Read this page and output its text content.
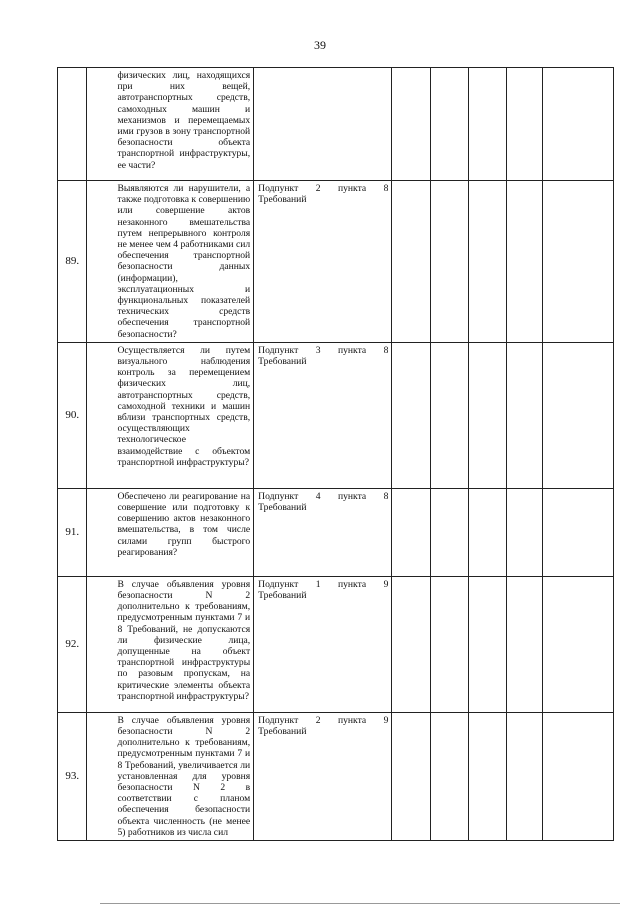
39

	физических лиц, находящихся при них вещей, автотранспортных средств, самоходных машин и механизмов и перемещаемых ими грузов в зону транспортной безопасности объекта транспортной инфраструктуры, ее части?						

89.	Выявляются ли нарушители, а также подготовка к совершению или совершение актов незаконного вмешательства путем непрерывного контроля не менее чем 4 работниками сил обеспечения транспортной безопасности данных (информации), эксплуатационных и функциональных показателей технических средств обеспечения транспортной безопасности?	Подпункт 2 пункта 8 Требований					

90.	Осуществляется ли путем визуального наблюдения контроль за перемещением физических лиц, автотранспортных средств, самоходной техники и машин вблизи транспортных средств, осуществляющих технологическое взаимодействие с объектом транспортной инфраструктуры?	Подпункт 3 пункта 8 Требований					

91.	Обеспечено ли реагирование на совершение или подготовку к совершению актов незаконного вмешательства, в том числе силами групп быстрого реагирования?	Подпункт 4 пункта 8 Требований					

92.	В случае объявления уровня безопасности N 2 дополнительно к требованиям, предусмотренным пунктами 7 и 8 Требований, не допускаются ли физические лица, допущенные на объект транспортной инфраструктуры по разовым пропускам, на критические элементы объекта транспортной инфраструктуры?	Подпункт 1 пункта 9 Требований					

93.	В случае объявления уровня безопасности N 2 дополнительно к требованиям, предусмотренным пунктами 7 и 8 Требований, увеличивается ли установленная для уровня безопасности N 2 в соответствии с планом обеспечения безопасности объекта численность (не менее 5) работников из числа сил	Подпункт 2 пункта 9 Требований					
